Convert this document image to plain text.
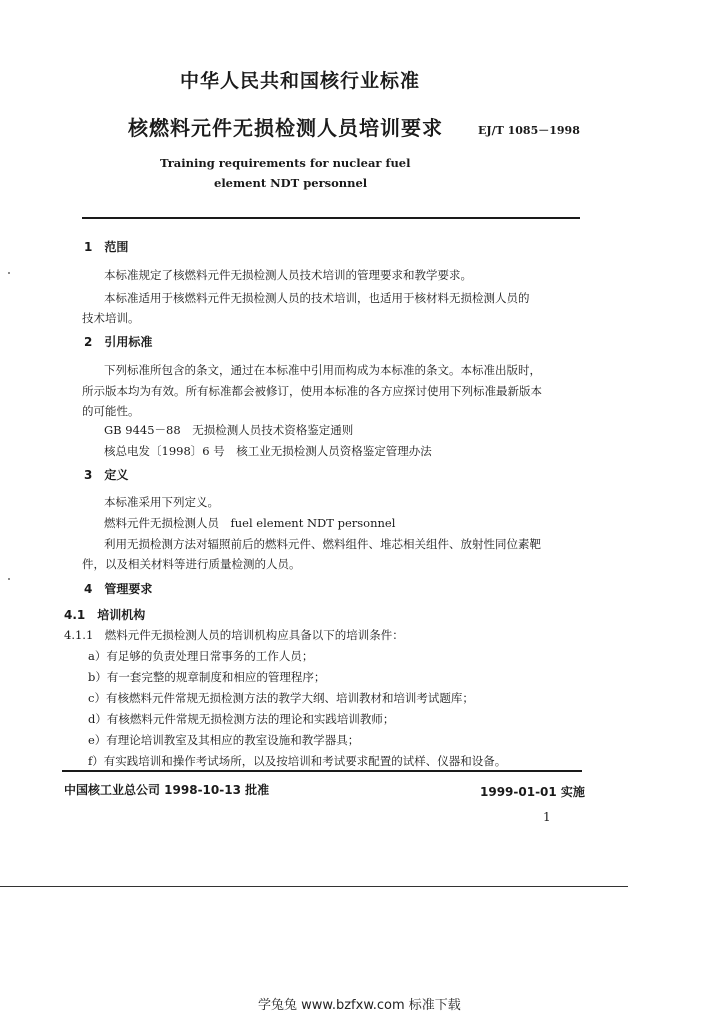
中华人民共和国核行业标准
核燃料元件无损检测人员培训要求	EJ/T 1085－1998
Training requirements for nuclear fuel
element NDT personnel
1　范围
本标准规定了核燃料元件无损检测人员技术培训的管理要求和教学要求。
本标准适用于核燃料元件无损检测人员的技术培训，也适用于核材料无损检测人员的
技术培训。
2　引用标准
下列标准所包含的条文，通过在本标准中引用而构成为本标准的条文。本标准出版时，
所示版本均为有效。所有标准都会被修订，使用本标准的各方应探讨使用下列标准最新版本
的可能性。
GB 9445－88　无损检测人员技术资格鉴定通则
核总电发〔1998〕6 号　核工业无损检测人员资格鉴定管理办法
3　定义
本标准采用下列定义。
燃料元件无损检测人员　fuel element NDT personnel
利用无损检测方法对辐照前后的燃料元件、燃料组件、堆芯相关组件、放射性同位素靶
件，以及相关材料等进行质量检测的人员。
4　管理要求
4.1　培训机构
4.1.1　燃料元件无损检测人员的培训机构应具备以下的培训条件：
a）有足够的负责处理日常事务的工作人员；
b）有一套完整的规章制度和相应的管理程序；
c）有核燃料元件常规无损检测方法的教学大纲、培训教材和培训考试题库；
d）有核燃料元件常规无损检测方法的理论和实践培训教师；
e）有理论培训教室及其相应的教室设施和教学器具；
f）有实践培训和操作考试场所，以及按培训和考试要求配置的试样、仪器和设备。
中国核工业总公司 1998-10-13 批准	1999-01-01 实施
1
学兔兔 www.bzfxw.com 标准下载
